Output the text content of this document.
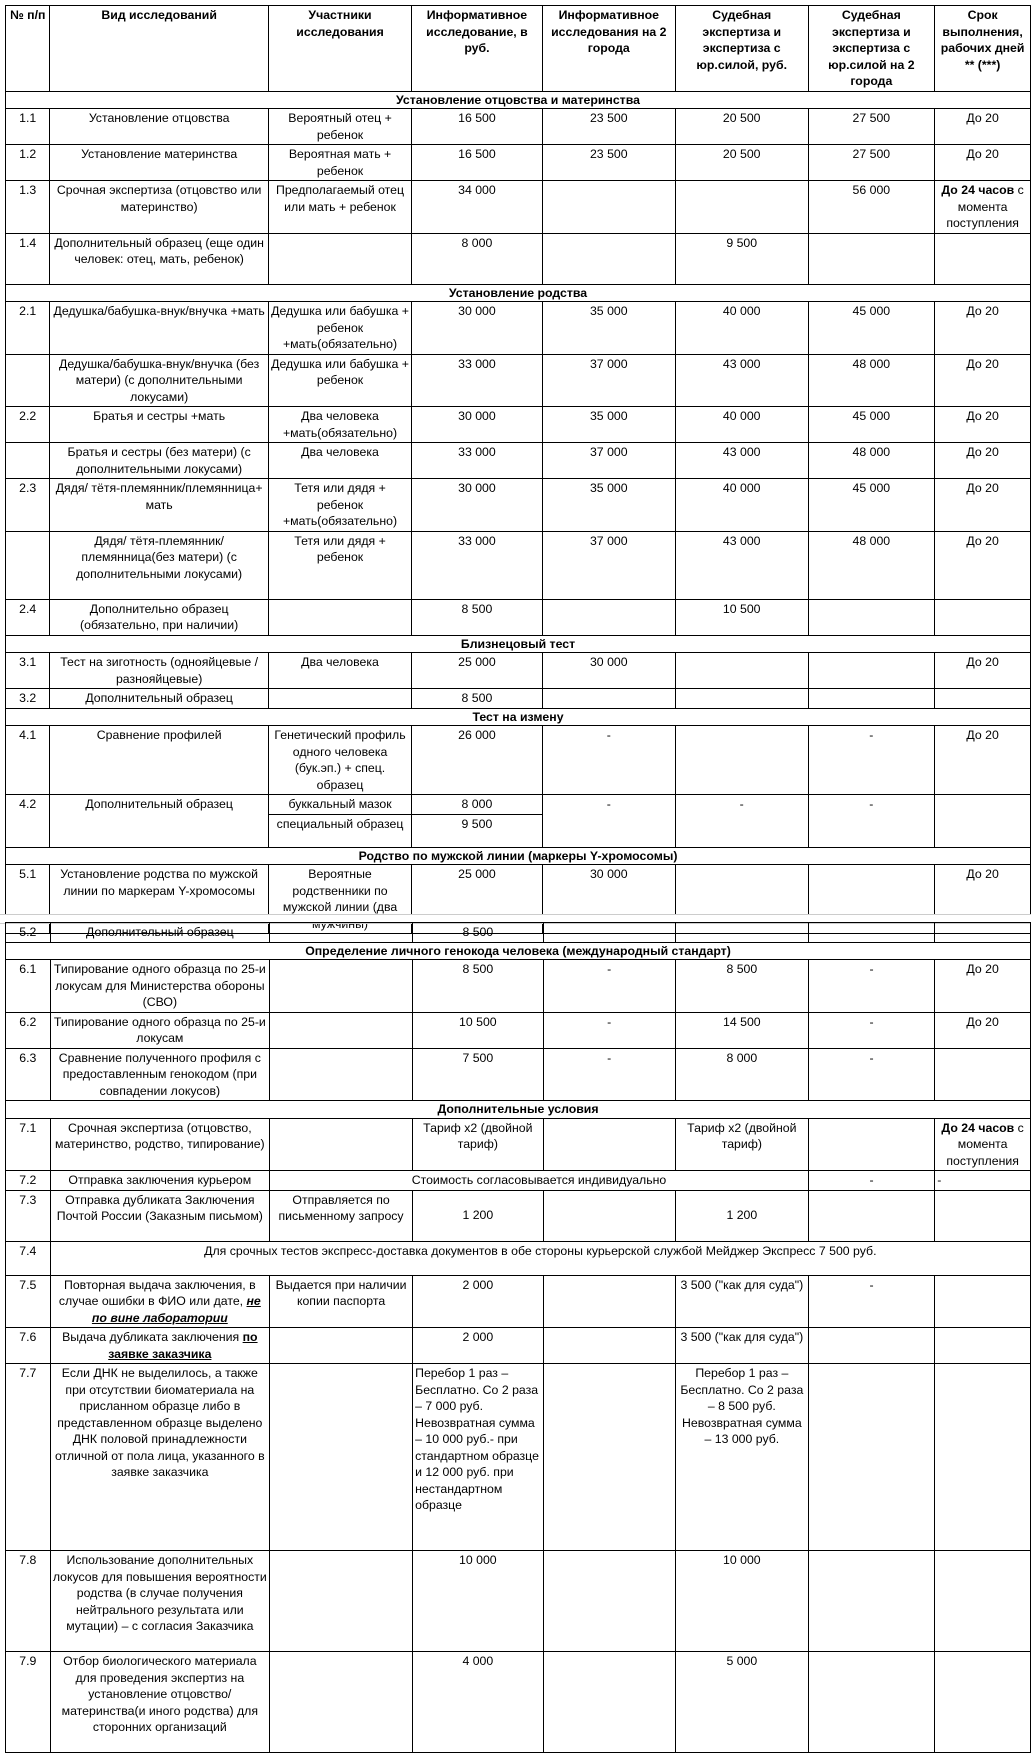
№ п/п	Вид исследований	Участники исследования	Информативное исследование, в руб.	Информативное исследования на 2 города	Судебная экспертиза и экспертиза с юр.силой, руб.	Судебная экспертиза и экспертиза с юр.силой на 2 города	Срок выполнения, рабочих дней ** (***)
Установление отцовства и материнства							
1.1	Установление отцовства	Вероятный отец + ребенок	16 500	23 500	20 500	27 500	До 20
1.2	Установление материнства	Вероятная мать + ребенок	16 500	23 500	20 500	27 500	До 20
1.3	Срочная экспертиза (отцовство или материнство)	Предполагаемый отец или мать + ребенок	34 000			56 000	До 24 часов с момента поступления
1.4	Дополнительный образец (еще один человек: отец, мать, ребенок)		8 000		9 500		
Установление родства							
2.1	Дедушка/бабушка-внук/внучка +мать	Дедушка или бабушка + ребенок +мать(обязательно)	30 000	35 000	40 000	45 000	До 20
	Дедушка/бабушка-внук/внучка (без матери) (с дополнительными локусами)	Дедушка или бабушка + ребенок	33 000	37 000	43 000	48 000	До 20
2.2	Братья и сестры +мать	Два человека +мать(обязательно)	30 000	35 000	40 000	45 000	До 20
	Братья и сестры (без матери) (с дополнительными локусами)	Два человека	33 000	37 000	43 000	48 000	До 20
2.3	Дядя/ тётя-племянник/племянница+ мать	Тетя или дядя + ребенок +мать(обязательно)	30 000	35 000	40 000	45 000	До 20
	Дядя/ тётя-племянник/племянница(без матери) (с дополнительными локусами)	Тетя или дядя + ребенок	33 000	37 000	43 000	48 000	До 20
2.4	Дополнительно образец (обязательно, при наличии)		8 500		10 500		
Близнецовый тест							
3.1	Тест на зиготность (однояйцевые /разнояйцевые)	Два человека	25 000	30 000			До 20
3.2	Дополнительный образец		8 500				
Тест на измену							
4.1	Сравнение профилей	Генетический профиль одного человека (бук.эп.) + спец. образец	26 000	-		-	До 20
4.2	Дополнительный образец	буккальный мазок	8 000	-	-	-	
		специальный образец	9 500				
Родство по мужской линии (маркеры Y-хромосомы)							
5.1	Установление родства по мужской линии по маркерам Y-хромосомы	Вероятные родственники по мужской линии (два	25 000	30 000			До 20
5.2	Дополнительный образец		8 500				
Определение личного генокода человека (международный стандарт)							
6.1	Типирование одного образца по 25-и локусам для Министерства обороны (СВО)		8 500	-	8 500	-	До 20
6.2	Типирование одного образца по 25-и локусам		10 500	-	14 500	-	До 20
6.3	Сравнение полученного профиля с предоставленным генокодом (при совпадении локусов)		7 500	-	8 000	-	
Дополнительные условия							
7.1	Срочная экспертиза (отцовство, материнство, родство, типирование)		Тариф х2 (двойной тариф)		Тариф х2 (двойной тариф)		До 24 часов с момента поступления
7.2	Отправка заключения курьером	Стоимость согласовывается индивидуально				-	-
7.3	Отправка дубликата Заключения Почтой России (Заказным письмом)	Отправляется по письменному запросу	1 200		1 200		
7.4	Для срочных тестов экспресс-доставка документов в обе стороны курьерской службой Мейджер Экспресс 7 500 руб.						
7.5	Повторная выдача заключения, в случае ошибки в ФИО или дате, не по вине лаборатории	Выдается при наличии копии паспорта	2 000		3 500 ("как для суда")	-	
7.6	Выдача дубликата заключения по заявке заказчика		2 000		3 500 ("как для суда")		
7.7	Если ДНК не выделилось, а также при отсутствии биоматериала на присланном образце либо в представленном образце выделено ДНК половой принадлежности отличной от пола лица, указанного в заявке заказчика		Перебор 1 раз – Бесплатно. Со 2 раза – 7 000 руб. Невозвратная сумма – 10 000 руб.- при стандартном образце и 12 000 руб. при нестандартном образце		Перебор 1 раз – Бесплатно. Со 2 раза – 8 500 руб. Невозвратная сумма – 13 000 руб.		
7.8	Использование дополнительных локусов для повышения вероятности родства (в случае получения нейтрального результата или мутации) – с согласия Заказчика		10 000		10 000		
7.9	Отбор биологического материала для проведения экспертиз на установление отцовство/материнства(и иного родства) для сторонних организаций		4 000		5 000		
